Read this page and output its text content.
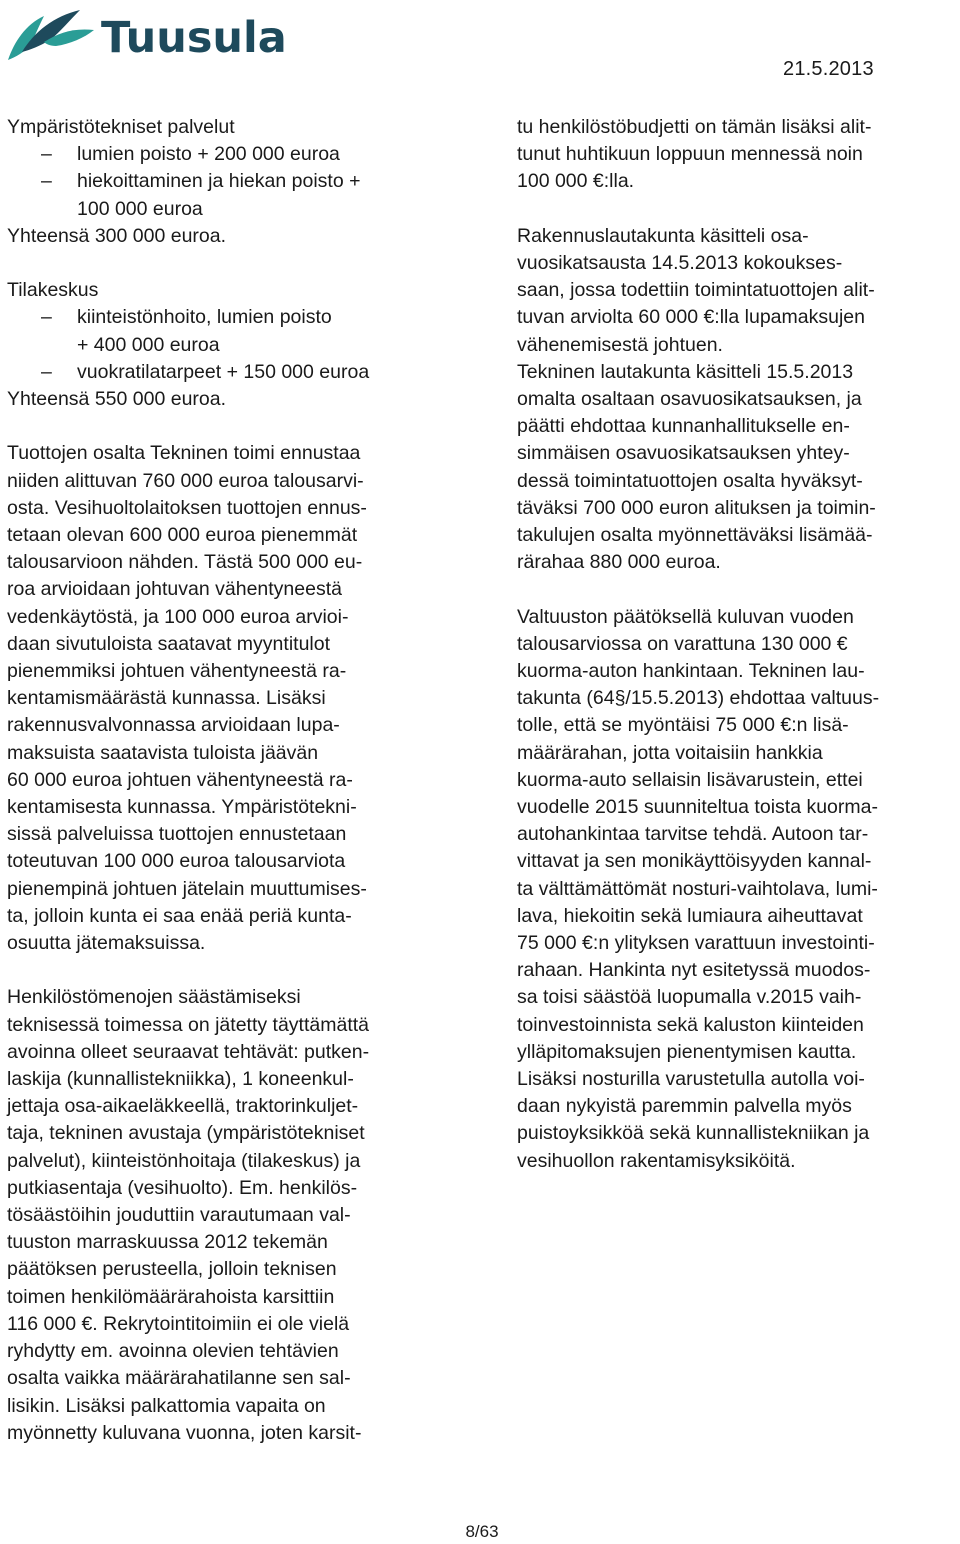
Tuusula
21.5.2013
Ympäristötekniset palvelut
– lumien poisto + 200 000 euroa
– hiekoittaminen ja hiekan poisto +
100 000 euroa
Yhteensä 300 000 euroa.
Tilakeskus
– kiinteistönhoito, lumien poisto
+ 400 000 euroa
– vuokratilatarpeet + 150 000 euroa
Yhteensä 550 000 euroa.
Tuottojen osalta Tekninen toimi ennustaa
niiden alittuvan 760 000 euroa talousarvi-
osta. Vesihuoltolaitoksen tuottojen ennus-
tetaan olevan 600 000 euroa pienemmät
talousarvioon nähden. Tästä 500 000 eu-
roa arvioidaan johtuvan vähentyneestä
vedenkäytöstä, ja 100 000 euroa arvioi-
daan sivutuloista saatavat myyntitulot
pienemmiksi johtuen vähentyneestä ra-
kentamismäärästä kunnassa. Lisäksi
rakennusvalvonnassa arvioidaan lupa-
maksuista saatavista tuloista jäävän
60 000 euroa johtuen vähentyneestä ra-
kentamisesta kunnassa. Ympäristötekni-
sissä palveluissa tuottojen ennustetaan
toteutuvan 100 000 euroa talousarviota
pienempinä johtuen jätelain muuttumises-
ta, jolloin kunta ei saa enää periä kunta-
osuutta jätemaksuissa.
Henkilöstömenojen säästämiseksi
teknisessä toimessa on jätetty täyttämättä
avoinna olleet seuraavat tehtävät: putken-
laskija (kunnallistekniikka), 1 koneenkul-
jettaja osa-aikaeläkkeellä, traktorinkuljet-
taja, tekninen avustaja (ympäristötekniset
palvelut), kiinteistönhoitaja (tilakeskus) ja
putkiasentaja (vesihuolto). Em. henkilös-
tösäästöihin jouduttiin varautumaan val-
tuuston marraskuussa 2012 tekemän
päätöksen perusteella, jolloin teknisen
toimen henkilömäärärahoista karsittiin
116 000 €. Rekrytointitoimiin ei ole vielä
ryhdytty em. avoinna olevien tehtävien
osalta vaikka määrärahatilanne sen sal-
lisikin. Lisäksi palkattomia vapaita on
myönnetty kuluvana vuonna, joten karsit-
tu henkilöstöbudjetti on tämän lisäksi alit-
tunut huhtikuun loppuun mennessä noin
100 000 €:lla.
Rakennuslautakunta käsitteli osa-
vuosikatsausta 14.5.2013 kokoukses-
saan, jossa todettiin toimintatuottojen alit-
tuvan arviolta 60 000 €:lla lupamaksujen
vähenemisestä johtuen.
Tekninen lautakunta käsitteli 15.5.2013
omalta osaltaan osavuosikatsauksen, ja
päätti ehdottaa kunnanhallitukselle en-
simmäisen osavuosikatsauksen yhtey-
dessä toimintatuottojen osalta hyväksyt-
täväksi 700 000 euron alituksen ja toimin-
takulujen osalta myönnettäväksi lisämää-
rärahaa 880 000 euroa.
Valtuuston päätöksellä kuluvan vuoden
talousarviossa on varattuna 130 000 €
kuorma-auton hankintaan. Tekninen lau-
takunta (64§/15.5.2013) ehdottaa valtuus-
tolle, että se myöntäisi 75 000 €:n lisä-
määrärahan, jotta voitaisiin hankkia
kuorma-auto sellaisin lisävarustein, ettei
vuodelle 2015 suunniteltua toista kuorma-
autohankintaa tarvitse tehdä. Autoon tar-
vittavat ja sen monikäyttöisyyden kannal-
ta välttämättömät nosturi-vaihtolava, lumi-
lava, hiekoitin sekä lumiaura aiheuttavat
75 000 €:n ylityksen varattuun investointi-
rahaan. Hankinta nyt esitetyssä muodos-
sa toisi säästöä luopumalla v.2015 vaih-
toinvestoinnista sekä kaluston kiinteiden
ylläpitomaksujen pienentymisen kautta.
Lisäksi nosturilla varustetulla autolla voi-
daan nykyistä paremmin palvella myös
puistoyksikköä sekä kunnallistekniikan ja
vesihuollon rakentamisyksiköitä.
8/63
